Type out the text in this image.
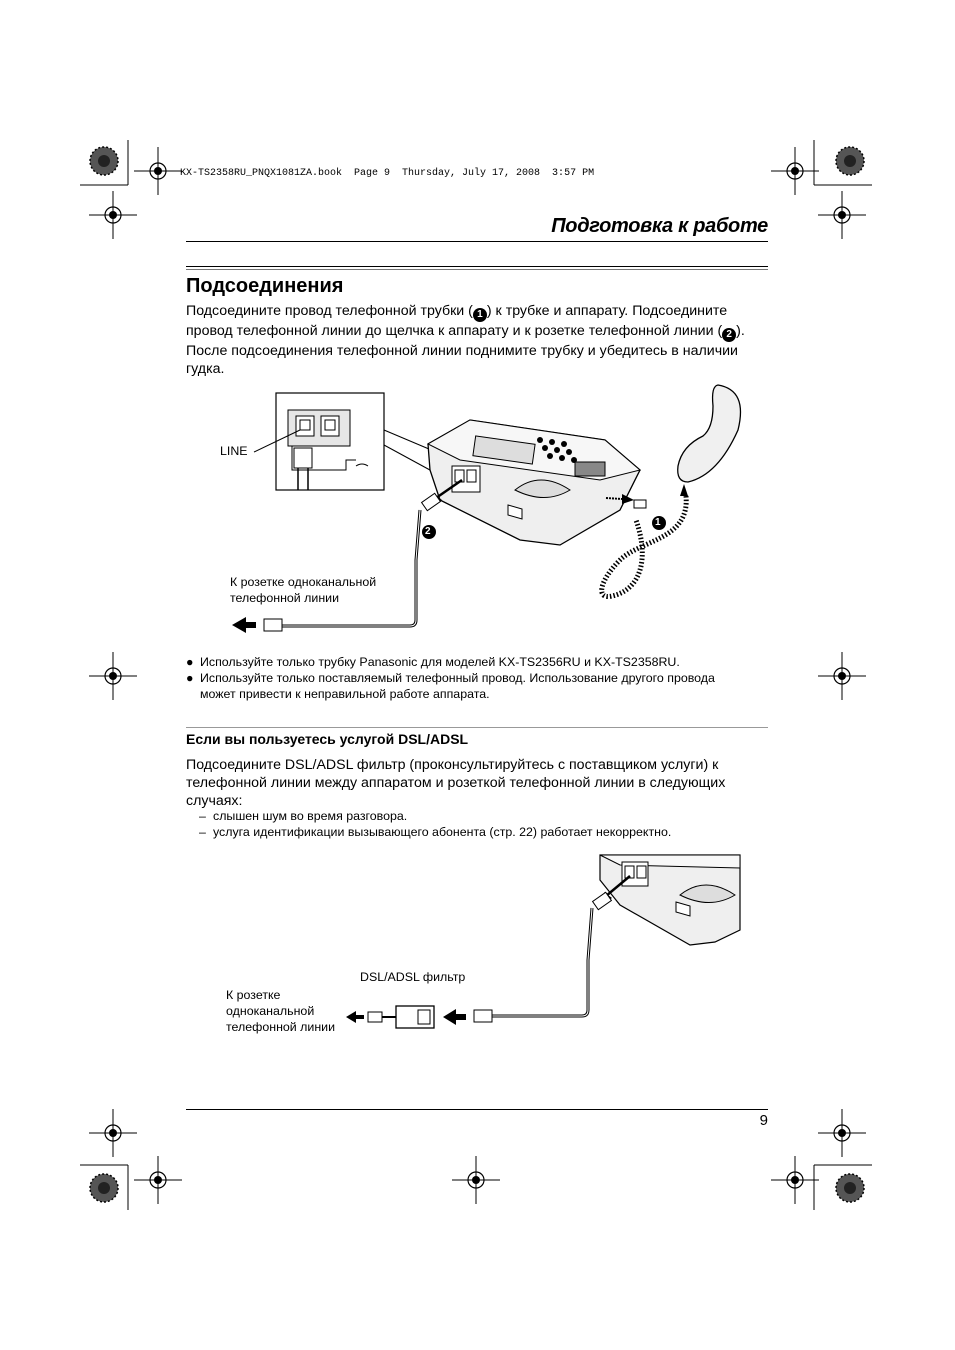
KX-TS2358RU_PNQX1081ZA.book  Page 9  Thursday, July 17, 2008  3:57 PM
Подготовка к работе
Подсоединения
Подсоедините провод телефонной трубки ( 1 ) к трубке и аппарату. Подсоедините
провод телефонной линии до щелчка к аппарату и к розетке телефонной линии ( 2 ).
После подсоединения телефонной линии поднимите трубку и убедитесь в наличии
гудка.
LINE
2
1
К розетке одноканальной
телефонной линии
● Используйте только трубку Panasonic для моделей KX-TS2356RU и KX-TS2358RU.
● Используйте только поставляемый телефонный провод. Использование другого провода
может привести к неправильной работе аппарата.
Если вы пользуетесь услугой DSL/ADSL
Подсоедините DSL/ADSL фильтр (проконсультируйтесь с поставщиком услуги) к
телефонной линии между аппаратом и розеткой телефонной линии в следующих
случаях:
– слышен шум во время разговора.
– услуга идентификации вызывающего абонента (стр. 22) работает некорректно.
DSL/ADSL фильтр
К розетке
одноканальной
телефонной линии
9
